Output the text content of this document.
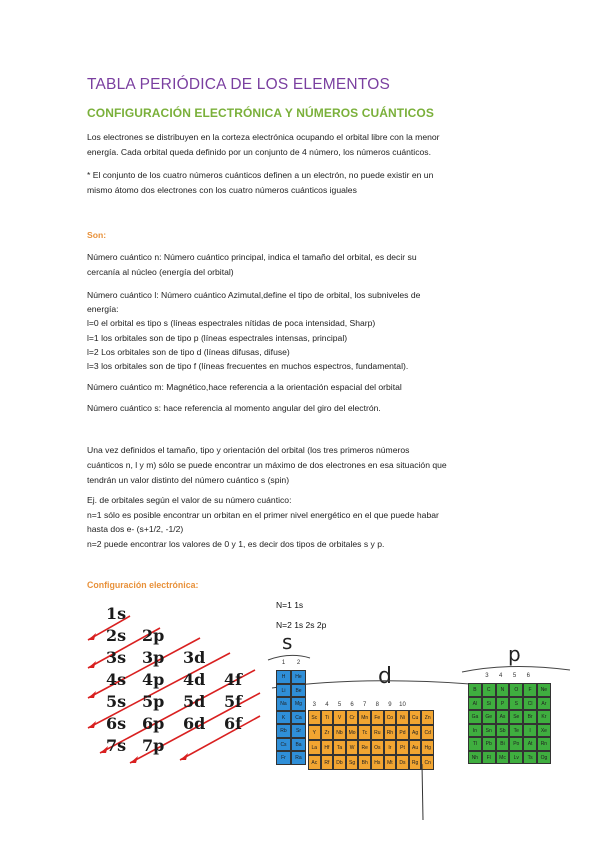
TABLA PERIÓDICA DE LOS ELEMENTOS
CONFIGURACIÓN ELECTRÓNICA Y NÚMEROS CUÁNTICOS
Los electrones se distribuyen en la corteza electrónica ocupando el orbital libre con la menor
energía. Cada orbital queda definido por un conjunto de 4 número, los números cuánticos.
* El conjunto de los cuatro números cuánticos definen a un electrón, no puede existir en un
mismo átomo dos electrones con los cuatro números cuánticos iguales
Son:
Número cuántico n: Número cuántico principal, indica el tamaño del orbital, es decir su
cercanía al núcleo (energía del orbital)
Número cuántico l: Número cuántico Azimutal,define el tipo de orbital, los subniveles de
energía:
l=0 el orbital es tipo s (líneas espectrales nítidas de poca intensidad, Sharp)
l=1 los orbitales son de tipo p (líneas espectrales intensas, principal)
l=2 Los orbitales son de tipo d (líneas difusas, difuse)
l=3 los orbitales son de tipo f (líneas frecuentes en muchos espectros, fundamental).
Número cuántico m: Magnético,hace referencia a la orientación espacial del orbital
Número cuántico s: hace referencia al momento angular del giro del electrón.
Una vez definidos el tamaño, tipo y orientación del orbital (los tres primeros números
cuánticos n, l y m) sólo se puede encontrar un máximo de dos electrones en esa situación que
tendrán un valor distinto del número cuántico s (spin)
Ej. de orbitales según el valor de su número cuántico:
n=1 sólo es posible encontrar un orbitan en el primer nivel energético en el que puede habar
hasta dos e- (s+1/2, -1/2)
n=2 puede encontrar los valores de 0 y 1, es decir dos tipos de orbitales s y p.
Configuración electrónica:
1s
2s 2p
3s 3p 3d
4s 4p 4d 4f
5s 5p 5d 5f
6s 6p 6d 6f
7s 7p
N=1 1s
N=2 1s 2s 2p
s
d
p
1	2
3	4	5	6	7	8	9	10
3	4	5	6
H	He
Li	Be
Na	Mg
K	Ca
Rb	Sr
Cs	Ba
Fr	Ra
Sc	Ti	V	Cr	Mn	Fe	Co	Ni	Cu	Zn
Y	Zr	Nb	Mo	Tc	Ru	Rh	Pd	Ag	Cd
La	Hf	Ta	W	Re	Os	Ir	Pt	Au	Hg
Ac	Rf	Db	Sg	Bh	Hs	Mt	Ds	Rg	Cn
B	C	N	O	F	Ne
Al	Si	P	S	Cl	Ar
Ga	Ge	As	Se	Br	Kr
In	Sn	Sb	Te	I	Xe
Tl	Pb	Bi	Po	At	Rn
Nh	Fl	Mc	Lv	Ts	Og
